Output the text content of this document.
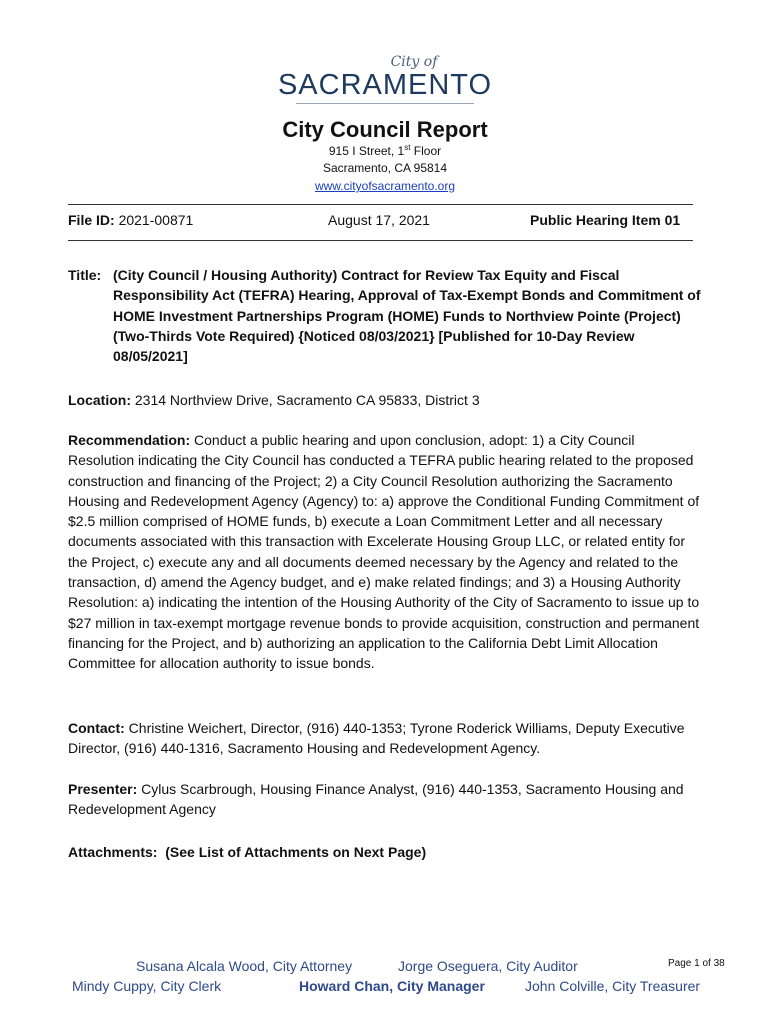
City of
SACRAMENTO
City Council Report
915 I Street, 1st Floor
Sacramento, CA 95814
www.cityofsacramento.org
File ID: 2021-00871	August 17, 2021	Public Hearing Item 01
Title: (City Council / Housing Authority) Contract for Review Tax Equity and Fiscal Responsibility Act (TEFRA) Hearing, Approval of Tax-Exempt Bonds and Commitment of HOME Investment Partnerships Program (HOME) Funds to Northview Pointe (Project) (Two-Thirds Vote Required) {Noticed 08/03/2021} [Published for 10-Day Review 08/05/2021]
Location: 2314 Northview Drive, Sacramento CA 95833, District 3
Recommendation: Conduct a public hearing and upon conclusion, adopt: 1) a City Council Resolution indicating the City Council has conducted a TEFRA public hearing related to the proposed construction and financing of the Project; 2) a City Council Resolution authorizing the Sacramento Housing and Redevelopment Agency (Agency) to: a) approve the Conditional Funding Commitment of $2.5 million comprised of HOME funds, b) execute a Loan Commitment Letter and all necessary documents associated with this transaction with Excelerate Housing Group LLC, or related entity for the Project, c) execute any and all documents deemed necessary by the Agency and related to the transaction, d) amend the Agency budget, and e) make related findings; and 3) a Housing Authority Resolution: a) indicating the intention of the Housing Authority of the City of Sacramento to issue up to $27 million in tax-exempt mortgage revenue bonds to provide acquisition, construction and permanent financing for the Project, and b) authorizing an application to the California Debt Limit Allocation Committee for allocation authority to issue bonds.
Contact: Christine Weichert, Director, (916) 440-1353; Tyrone Roderick Williams, Deputy Executive Director, (916) 440-1316, Sacramento Housing and Redevelopment Agency.
Presenter: Cylus Scarbrough, Housing Finance Analyst, (916) 440-1353, Sacramento Housing and Redevelopment Agency
Attachments: (See List of Attachments on Next Page)
Susana Alcala Wood, City Attorney	Jorge Oseguera, City Auditor	Page 1 of 38
Mindy Cuppy, City Clerk	Howard Chan, City Manager	John Colville, City Treasurer
